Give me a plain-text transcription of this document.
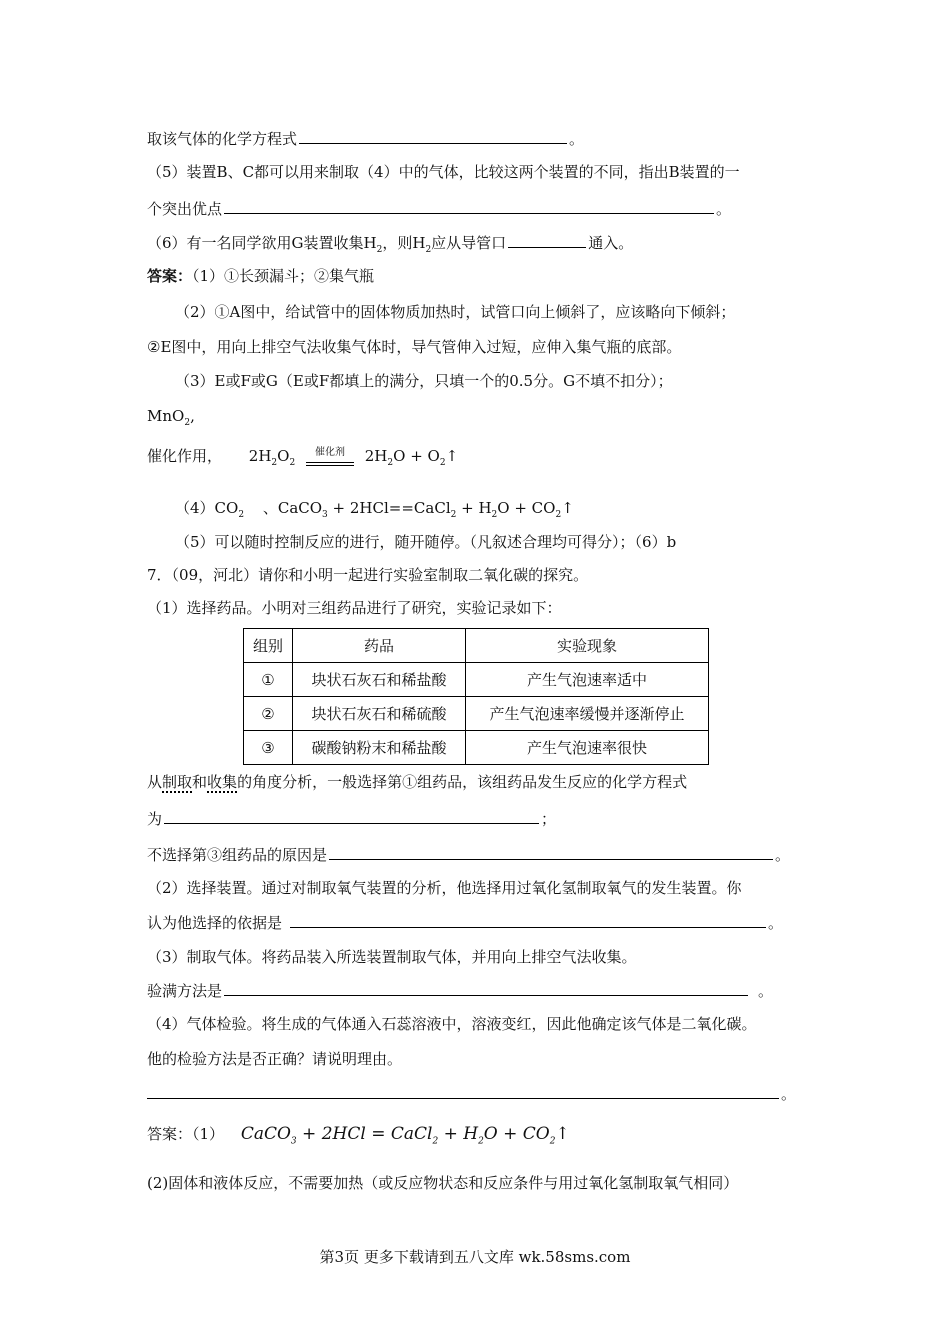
取该气体的化学方程式	。
（5）装置B、C都可以用来制取（4）中的气体，比较这两个装置的不同，指出B装置的一
个突出优点	。
（6）有一名同学欲用G装置收集$H_2$，则$H_2$应从导管口	通入。
答案：（1）①长颈漏斗；②集气瓶
（2）①A图中，给试管中的固体物质加热时，试管口向上倾斜了，应该略向下倾斜；
②E图中，用向上排空气法收集气体时，导气管伸入过短，应伸入集气瓶的底部。
（3）E或F或G（E或F都填上的满分，只填一个的0.5分。G不填不扣分）；
MnO$_2$,
催化作用， $2H_2O_2$
催化剂	$2H_2O$ + $O_2↑$
$(4)CO_2$ 、CaCO$_3$ + 2HCl==CaCl$_2$ + $H_2O$ + $CO_2↑$
（5）可以随时控制反应的进行，随开随停。（凡叙述合理均可得分）；（6）b
7．（09，河北）请你和小明一起进行实验室制取二氧化碳的探究。
（1）选择药品。小明对三组药品进行了研究，实验记录如下：
组别	药品	实验现象
①	块状石灰石和稀盐酸	产生气泡速率适中
②	块状石灰石和稀硫酸	产生气泡速率缓慢并逐渐停止
③	碳酸钠粉末和稀盐酸	产生气泡速率很快
从制取和收集的角度分析，一般选择第①组药品，该组药品发生反应的化学方程式
为	；
不选择第③组药品的原因是	。
（2）选择装置。通过对制取氧气装置的分析，他选择用过氧化氢制取氧气的发生装置。你
认为他选择的依据是	。
（3）制取气体。将药品装入所选装置制取气体，并用向上排空气法收集。
验满方法是	。
（4）气体检验。将生成的气体通入石蕊溶液中，溶液变红，因此他确定该气体是二氧化碳。
他的检验方法是否正确？请说明理由。
。
答案：（1） CaCO$_3$ + 2HCl = CaCl$_2$ + $H_2O$ + $CO_2↑$
(2)固体和液体反应，不需要加热（或反应物状态和反应条件与用过氧化氢制取氧气相同）
第3页 更多下载请到五八文库 wk.58sms.com
